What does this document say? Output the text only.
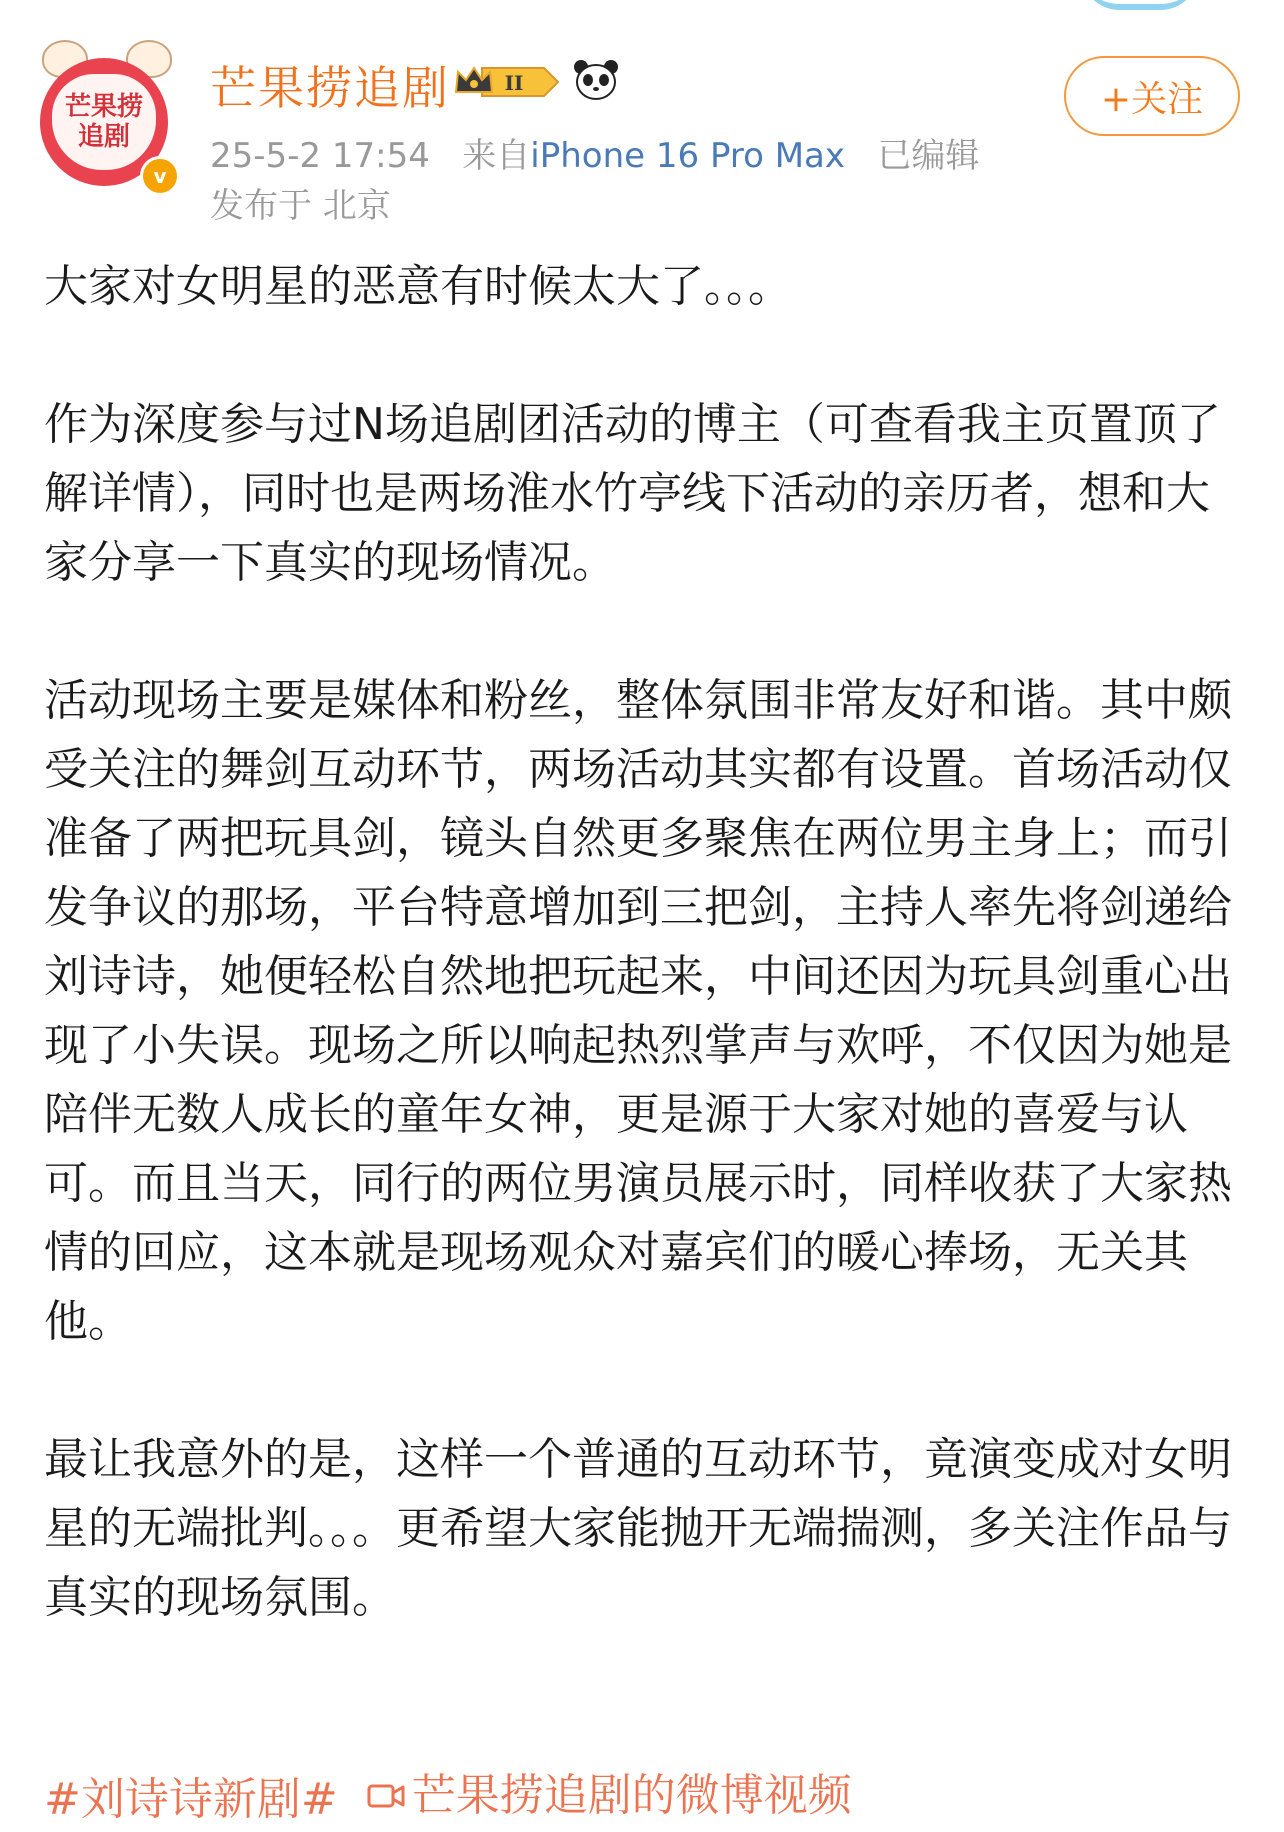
芒果捞
追剧
v
芒果捞追剧	II
25-5-2 17:54 来自iPhone 16 Pro Max 已编辑
发布于 北京
+关注

大家对女明星的恶意有时候太大了。。。

作为深度参与过N场追剧团活动的博主（可查看我主页置顶了解详情），同时也是两场淮水竹亭线下活动的亲历者，想和大家分享一下真实的现场情况。

活动现场主要是媒体和粉丝，整体氛围非常友好和谐。其中颇受关注的舞剑互动环节，两场活动其实都有设置。首场活动仅准备了两把玩具剑，镜头自然更多聚焦在两位男主身上；而引发争议的那场，平台特意增加到三把剑，主持人率先将剑递给刘诗诗，她便轻松自然地把玩起来，中间还因为玩具剑重心出现了小失误。现场之所以响起热烈掌声与欢呼，不仅因为她是陪伴无数人成长的童年女神，更是源于大家对她的喜爱与认可。而且当天，同行的两位男演员展示时，同样收获了大家热情的回应，这本就是现场观众对嘉宾们的暖心捧场，无关其他。

最让我意外的是，这样一个普通的互动环节，竟演变成对女明星的无端批判。。。更希望大家能抛开无端揣测，多关注作品与真实的现场氛围。

#刘诗诗新剧# 芒果捞追剧的微博视频
